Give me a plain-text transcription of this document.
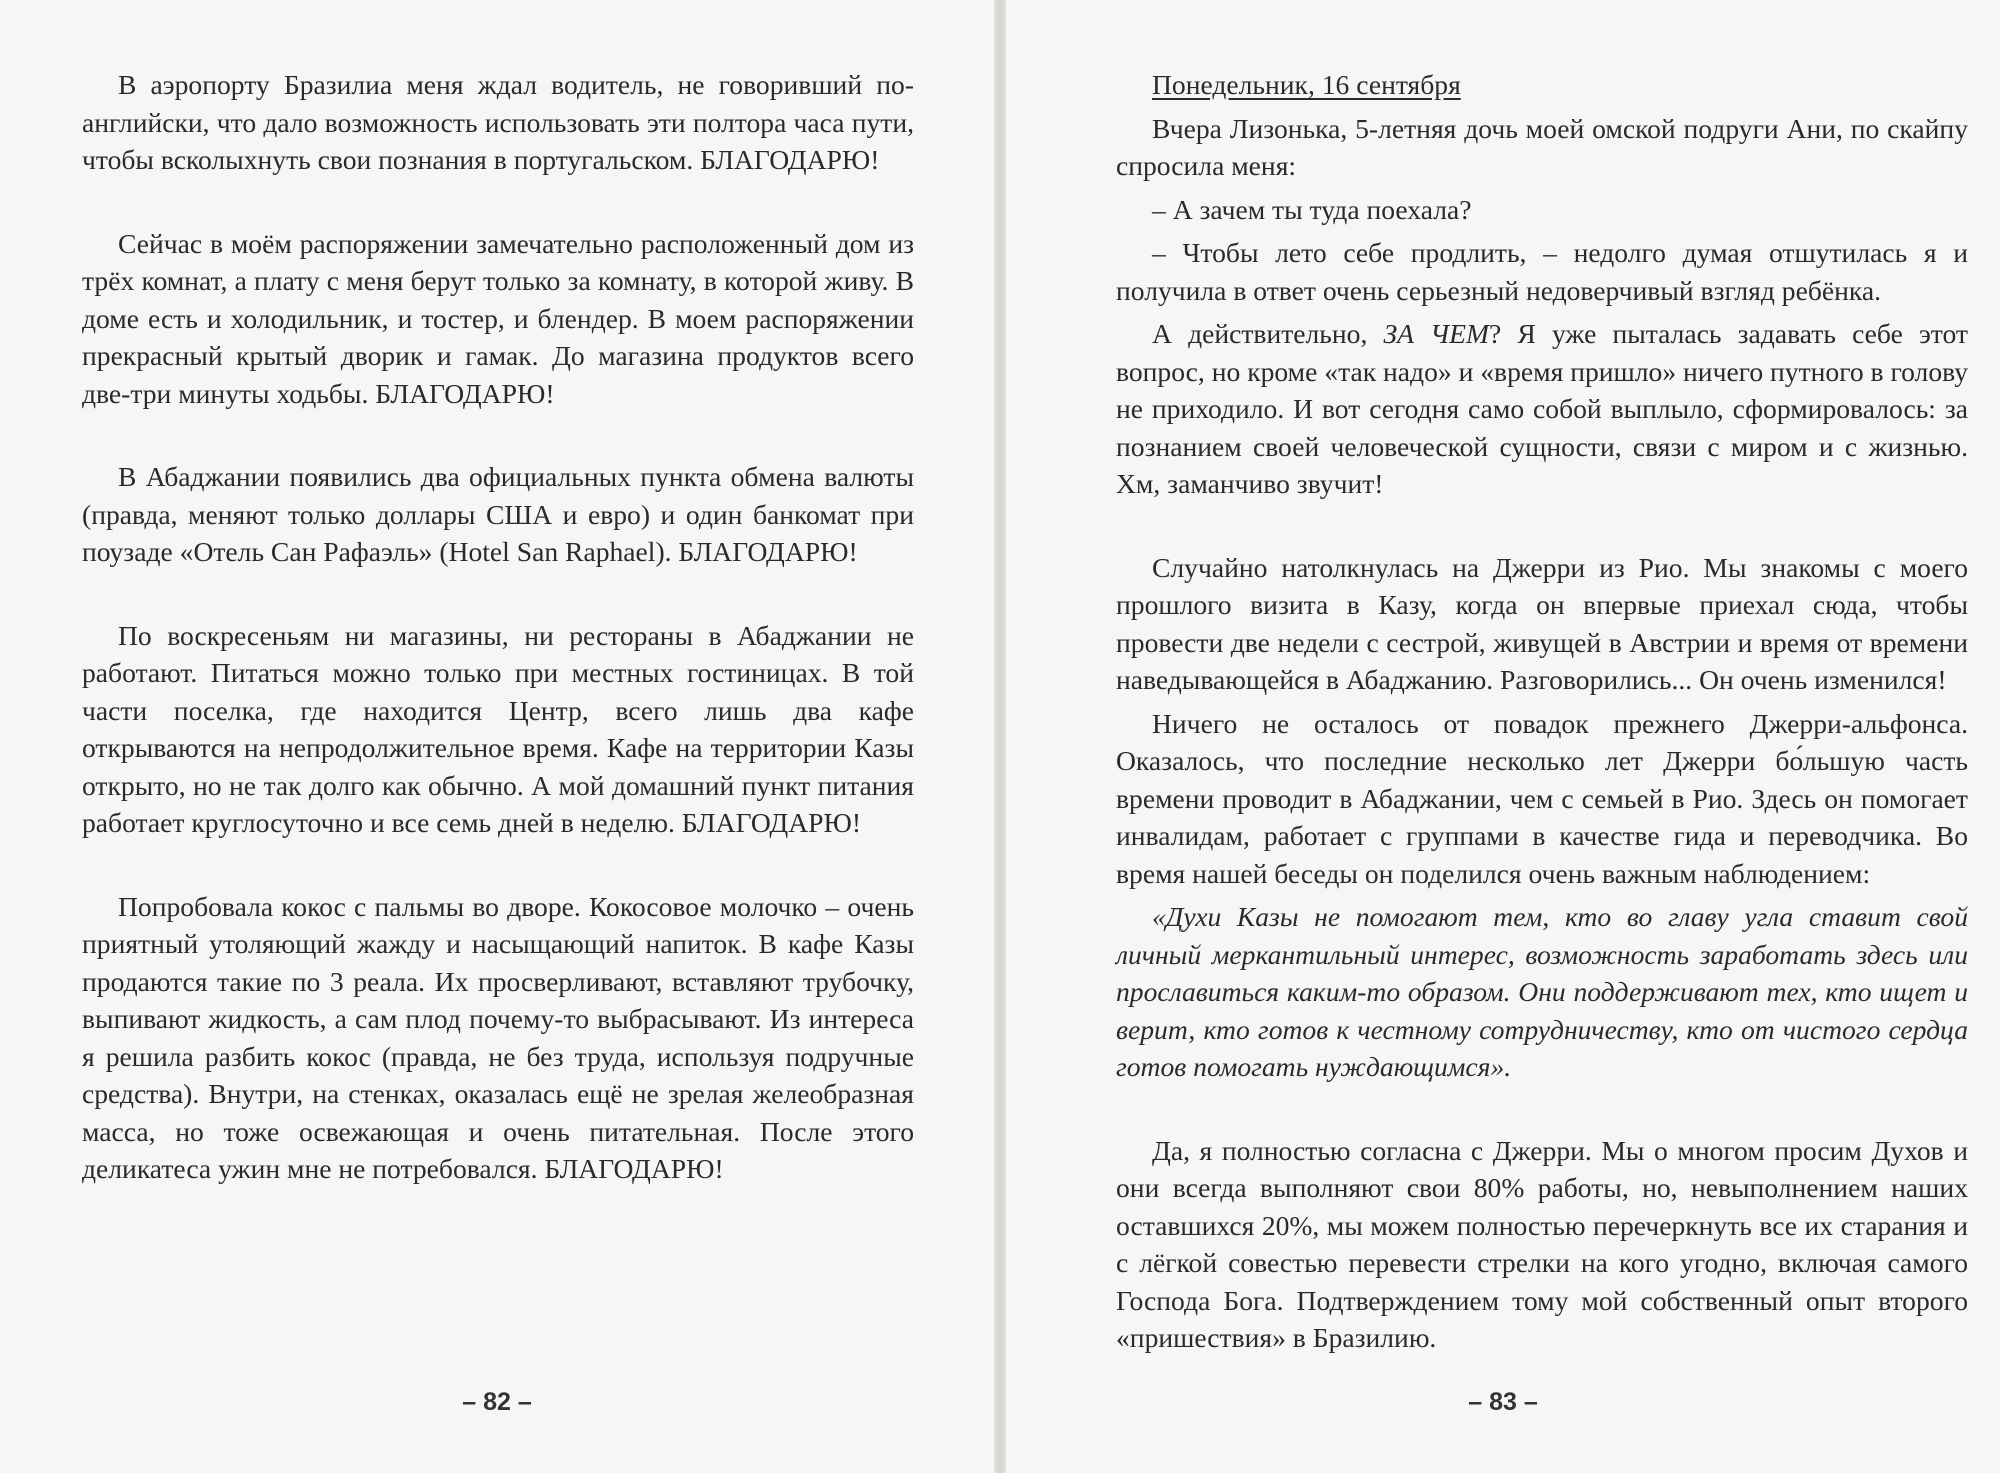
В аэропорту Бразилиа меня ждал водитель, не говоривший по-английски, что дало возможность использовать эти полтора часа пути, чтобы всколыхнуть свои познания в португальском. БЛАГОДАРЮ!

Сейчас в моём распоряжении замечательно расположенный дом из трёх комнат, а плату с меня берут только за комнату, в которой живу. В доме есть и холодильник, и тостер, и блендер. В моем распоряжении прекрасный крытый дворик и гамак. До магазина продуктов всего две-три минуты ходьбы. БЛАГОДАРЮ!

В Абаджании появились два официальных пункта обмена валюты (правда, меняют только доллары США и евро) и один банкомат при поузаде «Отель Сан Рафаэль» (Hotel San Raphael). БЛАГОДАРЮ!

По воскресеньям ни магазины, ни рестораны в Абаджании не работают. Питаться можно только при местных гостиницах. В той части поселка, где находится Центр, всего лишь два кафе открываются на непродолжительное время. Кафе на территории Казы открыто, но не так долго как обычно. А мой домашний пункт питания работает круглосуточно и все семь дней в неделю. БЛАГОДАРЮ!

Попробовала кокос с пальмы во дворе. Кокосовое молочко – очень приятный утоляющий жажду и насыщающий напиток. В кафе Казы продаются такие по 3 реала. Их просверливают, вставляют трубочку, выпивают жидкость, а сам плод почему-то выбрасывают. Из интереса я решила разбить кокос (правда, не без труда, используя подручные средства). Внутри, на стенках, оказалась ещё не зрелая желеобразная масса, но тоже освежающая и очень питательная. После этого деликатеса ужин мне не потребовался. БЛАГОДАРЮ!

– 82 –

Понедельник, 16 сентября

Вчера Лизонька, 5-летняя дочь моей омской подруги Ани, по скайпу спросила меня:

– А зачем ты туда поехала?

– Чтобы лето себе продлить, – недолго думая отшутилась я и получила в ответ очень серьезный недоверчивый взгляд ребёнка.

А действительно, ЗА ЧЕМ? Я уже пыталась задавать себе этот вопрос, но кроме «так надо» и «время пришло» ничего путного в голову не приходило. И вот сегодня само собой выплыло, сформировалось: за познанием своей человеческой сущности, связи с миром и с жизнью. Хм, заманчиво звучит!

Случайно натолкнулась на Джерри из Рио. Мы знакомы с моего прошлого визита в Казу, когда он впервые приехал сюда, чтобы провести две недели с сестрой, живущей в Австрии и время от времени наведывающейся в Абаджанию. Разговорились... Он очень изменился!

Ничего не осталось от повадок прежнего Джерри-альфонса. Оказалось, что последние несколько лет Джерри бо́льшую часть времени проводит в Абаджании, чем с семьей в Рио. Здесь он помогает инвалидам, работает с группами в качестве гида и переводчика. Во время нашей беседы он поделился очень важным наблюдением:

«Духи Казы не помогают тем, кто во главу угла ставит свой личный меркантильный интерес, возможность заработать здесь или прославиться каким-то образом. Они поддерживают тех, кто ищет и верит, кто готов к честному сотрудничеству, кто от чистого сердца готов помогать нуждающимся».

Да, я полностью согласна с Джерри. Мы о многом просим Духов и они всегда выполняют свои 80% работы, но, невыполнением наших оставшихся 20%, мы можем полностью перечеркнуть все их старания и с лёгкой совестью перевести стрелки на кого угодно, включая самого Господа Бога. Подтверждением тому мой собственный опыт второго «пришествия» в Бразилию.

– 83 –
